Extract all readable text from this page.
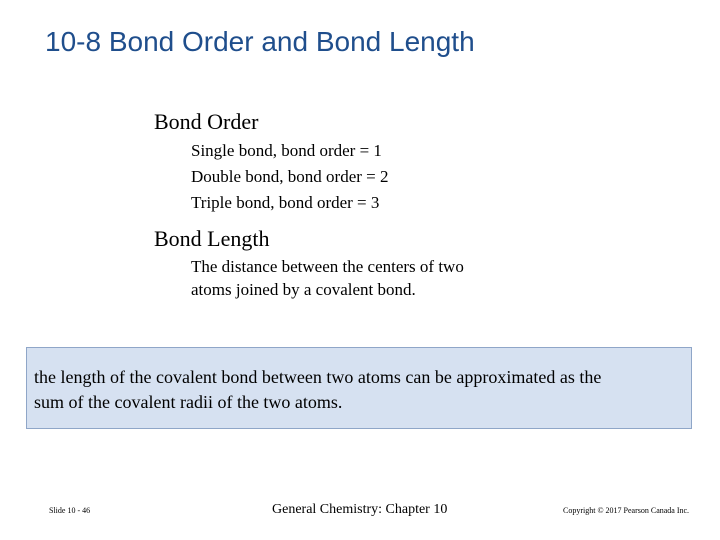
10-8 Bond Order and Bond Length
Bond Order
Single bond, bond order = 1
Double bond, bond order = 2
Triple bond, bond order = 3
Bond Length
The distance between the centers of two
atoms joined by a covalent bond.
the length of the covalent bond between two atoms can be approximated as the
sum of the covalent radii of the two atoms.
Slide 10 - 46	General Chemistry: Chapter 10	Copyright © 2017 Pearson Canada Inc.
